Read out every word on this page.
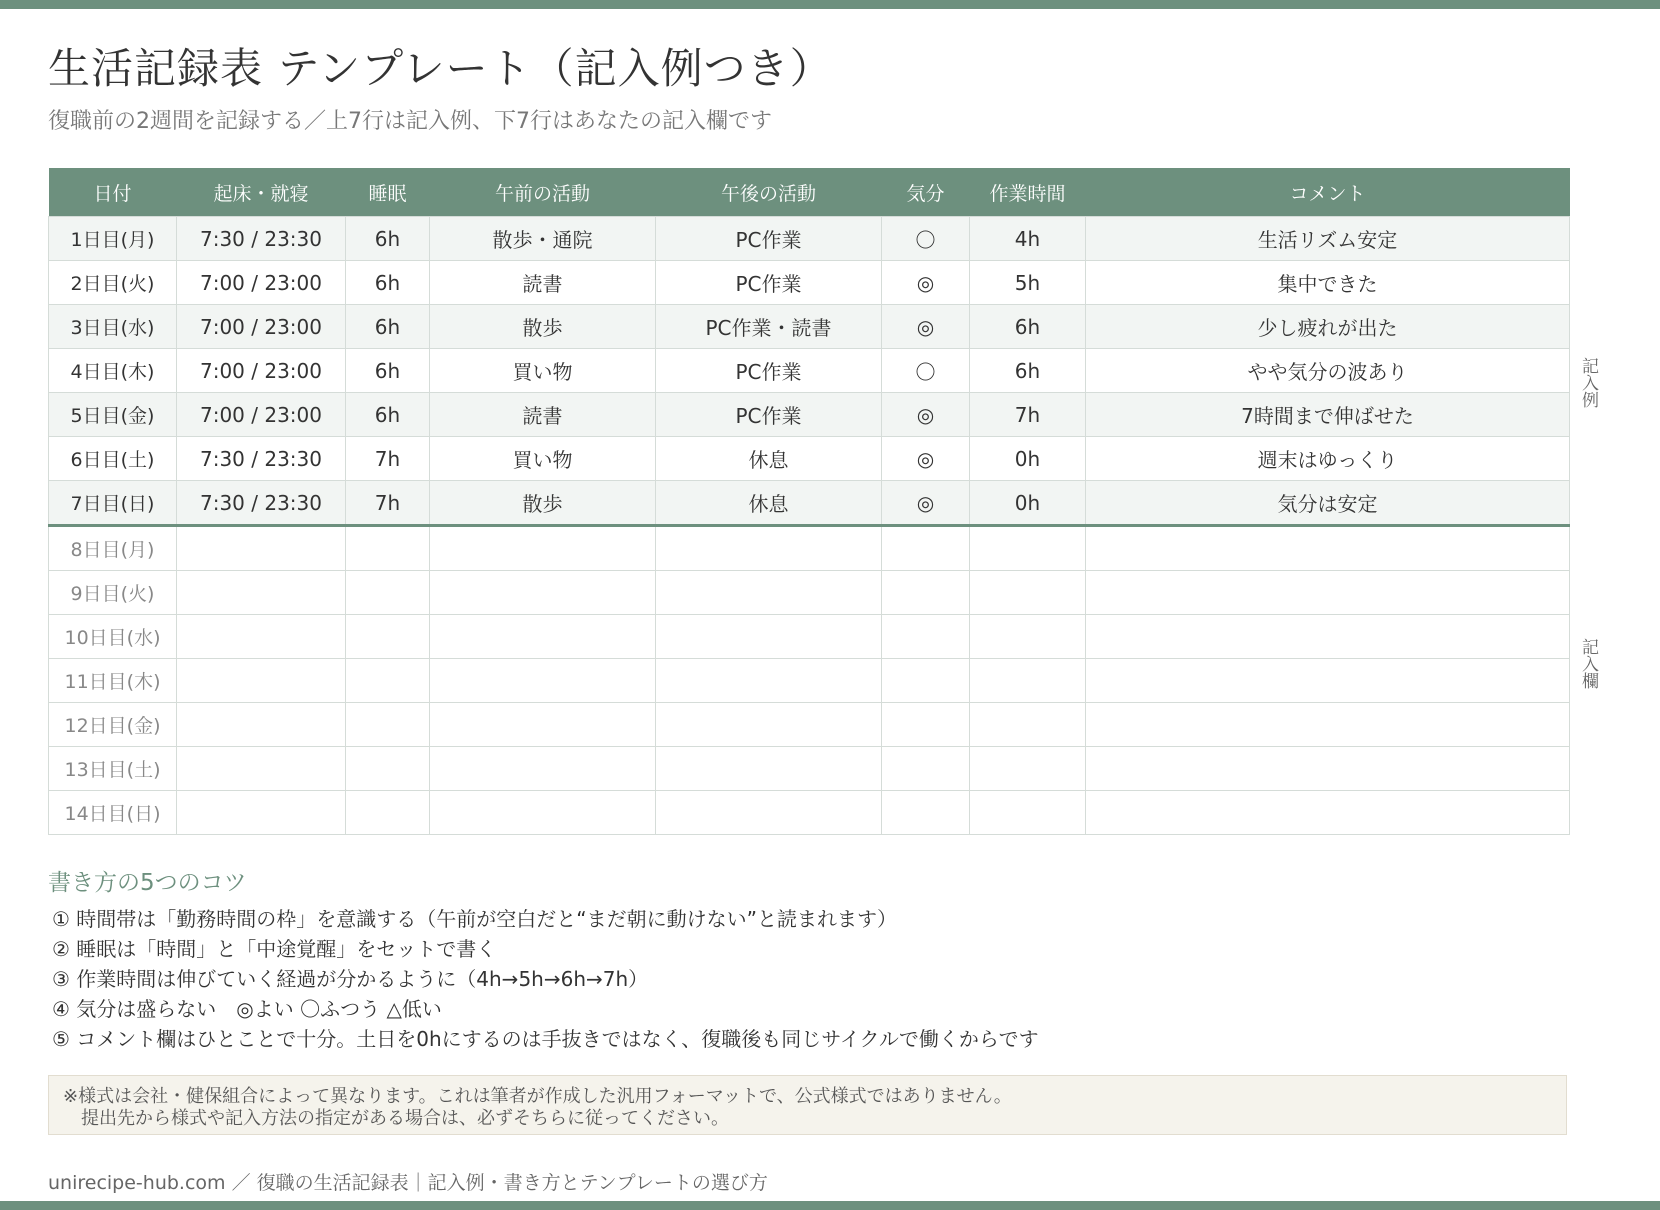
生活記録表 テンプレート（記入例つき）
復職前の2週間を記録する／上7行は記入例、下7行はあなたの記入欄です
日付	起床・就寝	睡眠	午前の活動	午後の活動	気分	作業時間	コメント
1日目(月)	7:30 / 23:30	6h	散歩・通院	PC作業	〇	4h	生活リズム安定
2日目(火)	7:00 / 23:00	6h	読書	PC作業	◎	5h	集中できた
3日目(水)	7:00 / 23:00	6h	散歩	PC作業・読書	◎	6h	少し疲れが出た
4日目(木)	7:00 / 23:00	6h	買い物	PC作業	〇	6h	やや気分の波あり
5日目(金)	7:00 / 23:00	6h	読書	PC作業	◎	7h	7時間まで伸ばせた
6日目(土)	7:30 / 23:30	7h	買い物	休息	◎	0h	週末はゆっくり
7日目(日)	7:30 / 23:30	7h	散歩	休息	◎	0h	気分は安定
8日目(月)							
9日目(火)							
10日目(水)							
11日目(木)							
12日目(金)							
13日目(土)							
14日目(日)							
記入例
記入欄
書き方の5つのコツ
① 時間帯は「勤務時間の枠」を意識する（午前が空白だと“まだ朝に動けない”と読まれます）
② 睡眠は「時間」と「中途覚醒」をセットで書く
③ 作業時間は伸びていく経過が分かるように（4h→5h→6h→7h）
④ 気分は盛らない　◎よい 〇ふつう △低い
⑤ コメント欄はひとことで十分。土日を0hにするのは手抜きではなく、復職後も同じサイクルで働くからです
※様式は会社・健保組合によって異なります。これは筆者が作成した汎用フォーマットで、公式様式ではありません。
　提出先から様式や記入方法の指定がある場合は、必ずそちらに従ってください。
unirecipe-hub.com ／ 復職の生活記録表｜記入例・書き方とテンプレートの選び方
